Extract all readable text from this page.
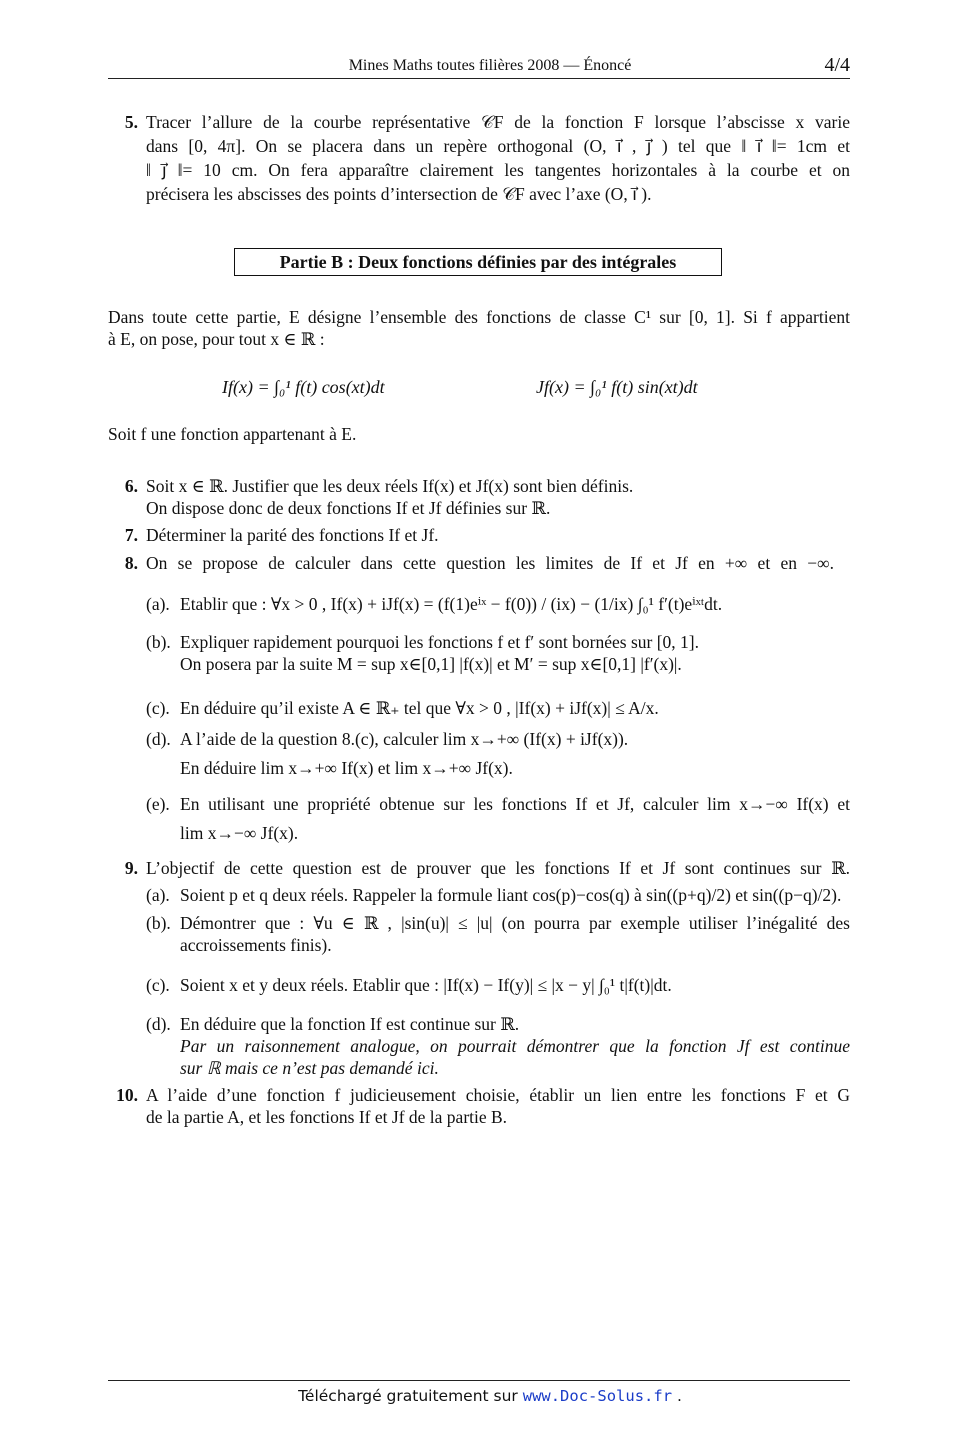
Mines Maths toutes filières 2008 — Énoncé	4/4
5. Tracer l’allure de la courbe représentative 𝒞F de la fonction F lorsque l’abscisse x varie
dans [0, 4π]. On se placera dans un repère orthogonal (O, i⃗ , j⃗ ) tel que ‖ i⃗ ‖= 1cm et
‖ j⃗ ‖= 10 cm. On fera apparaître clairement les tangentes horizontales à la courbe et on
précisera les abscisses des points d’intersection de 𝒞F avec l’axe (O, i⃗ ).
Partie B : Deux fonctions définies par des intégrales
Dans toute cette partie, E désigne l’ensemble des fonctions de classe C¹ sur [0, 1]. Si f appartient
à E, on pose, pour tout x ∈ ℝ :
If(x) = ∫₀¹ f(t) cos(xt)dt	Jf(x) = ∫₀¹ f(t) sin(xt)dt
Soit f une fonction appartenant à E.
6. Soit x ∈ ℝ. Justifier que les deux réels If(x) et Jf(x) sont bien définis.
On dispose donc de deux fonctions If et Jf définies sur ℝ.
7. Déterminer la parité des fonctions If et Jf.
8. On se propose de calculer dans cette question les limites de If et Jf en +∞ et en −∞.
(a). Etablir que : ∀x > 0 , If(x) + iJf(x) = (f(1)eⁱˣ − f(0)) / (ix) − (1/ix) ∫₀¹ f′(t)eⁱˣᵗdt.
(b). Expliquer rapidement pourquoi les fonctions f et f′ sont bornées sur [0, 1].
On posera par la suite M = sup x∈[0,1] |f(x)| et M′ = sup x∈[0,1] |f′(x)|.
(c). En déduire qu’il existe A ∈ ℝ₊ tel que ∀x > 0 , |If(x) + iJf(x)| ≤ A/x.
(d). A l’aide de la question 8.(c), calculer lim x→+∞ (If(x) + iJf(x)).
En déduire lim x→+∞ If(x) et lim x→+∞ Jf(x).
(e). En utilisant une propriété obtenue sur les fonctions If et Jf, calculer lim x→−∞ If(x) et
lim x→−∞ Jf(x).
9. L’objectif de cette question est de prouver que les fonctions If et Jf sont continues sur ℝ.
(a). Soient p et q deux réels. Rappeler la formule liant cos(p)−cos(q) à sin((p+q)/2) et sin((p−q)/2).
(b). Démontrer que : ∀u ∈ ℝ , |sin(u)| ≤ |u| (on pourra par exemple utiliser l’inégalité des
accroissements finis).
(c). Soient x et y deux réels. Etablir que : |If(x) − If(y)| ≤ |x − y| ∫₀¹ t|f(t)|dt.
(d). En déduire que la fonction If est continue sur ℝ.
Par un raisonnement analogue, on pourrait démontrer que la fonction Jf est continue
sur ℝ mais ce n’est pas demandé ici.
10. A l’aide d’une fonction f judicieusement choisie, établir un lien entre les fonctions F et G
de la partie A, et les fonctions If et Jf de la partie B.
Téléchargé gratuitement sur www.Doc-Solus.fr .
